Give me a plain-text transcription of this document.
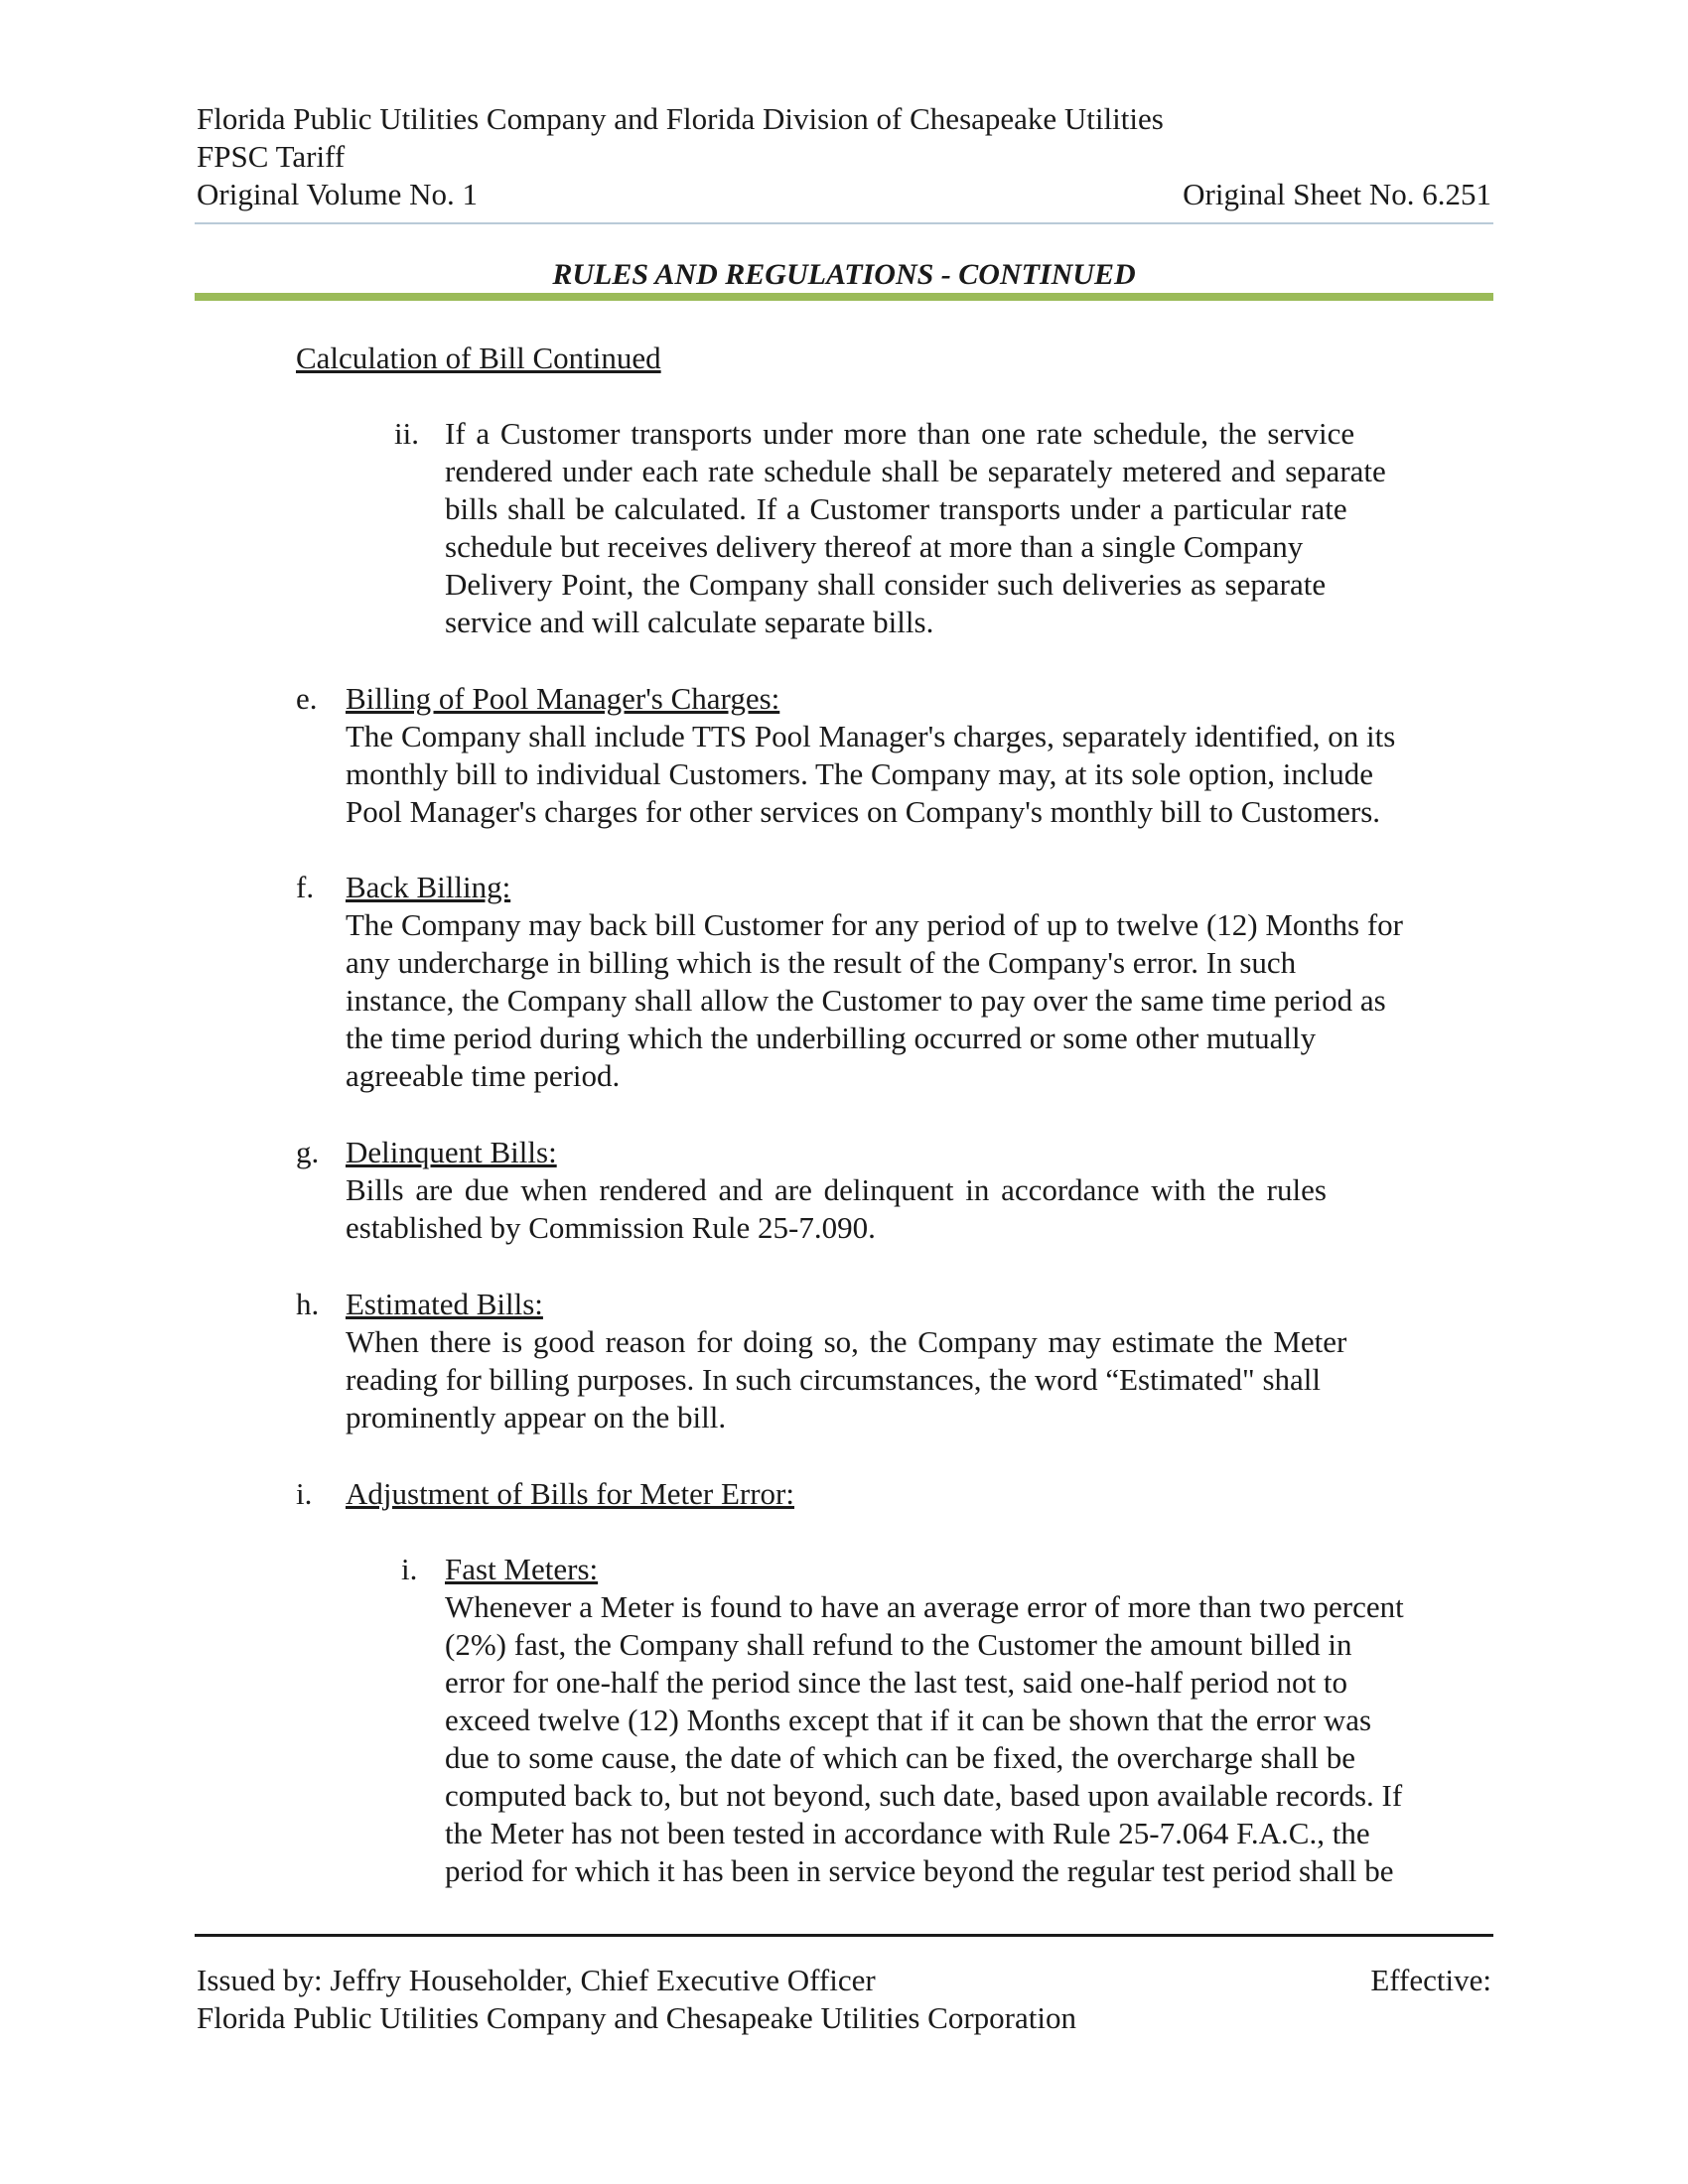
Florida Public Utilities Company and Florida Division of Chesapeake Utilities
FPSC Tariff
Original Volume No. 1	Original Sheet No. 6.251
RULES AND REGULATIONS - CONTINUED
Calculation of Bill Continued
ii. If a Customer transports under more than one rate schedule, the service
rendered under each rate schedule shall be separately metered and separate
bills shall be calculated. If a Customer transports under a particular rate
schedule but receives delivery thereof at more than a single Company
Delivery Point, the Company shall consider such deliveries as separate
service and will calculate separate bills.
e. Billing of Pool Manager's Charges:
The Company shall include TTS Pool Manager's charges, separately identified, on its
monthly bill to individual Customers. The Company may, at its sole option, include
Pool Manager's charges for other services on Company's monthly bill to Customers.
f. Back Billing:
The Company may back bill Customer for any period of up to twelve (12) Months for
any undercharge in billing which is the result of the Company's error. In such
instance, the Company shall allow the Customer to pay over the same time period as
the time period during which the underbilling occurred or some other mutually
agreeable time period.
g. Delinquent Bills:
Bills are due when rendered and are delinquent in accordance with the rules
established by Commission Rule 25-7.090.
h. Estimated Bills:
When there is good reason for doing so, the Company may estimate the Meter
reading for billing purposes. In such circumstances, the word “Estimated" shall
prominently appear on the bill.
i. Adjustment of Bills for Meter Error:
i. Fast Meters:
Whenever a Meter is found to have an average error of more than two percent
(2%) fast, the Company shall refund to the Customer the amount billed in
error for one-half the period since the last test, said one-half period not to
exceed twelve (12) Months except that if it can be shown that the error was
due to some cause, the date of which can be fixed, the overcharge shall be
computed back to, but not beyond, such date, based upon available records. If
the Meter has not been tested in accordance with Rule 25-7.064 F.A.C., the
period for which it has been in service beyond the regular test period shall be
Issued by: Jeffry Householder, Chief Executive Officer	Effective:
Florida Public Utilities Company and Chesapeake Utilities Corporation
